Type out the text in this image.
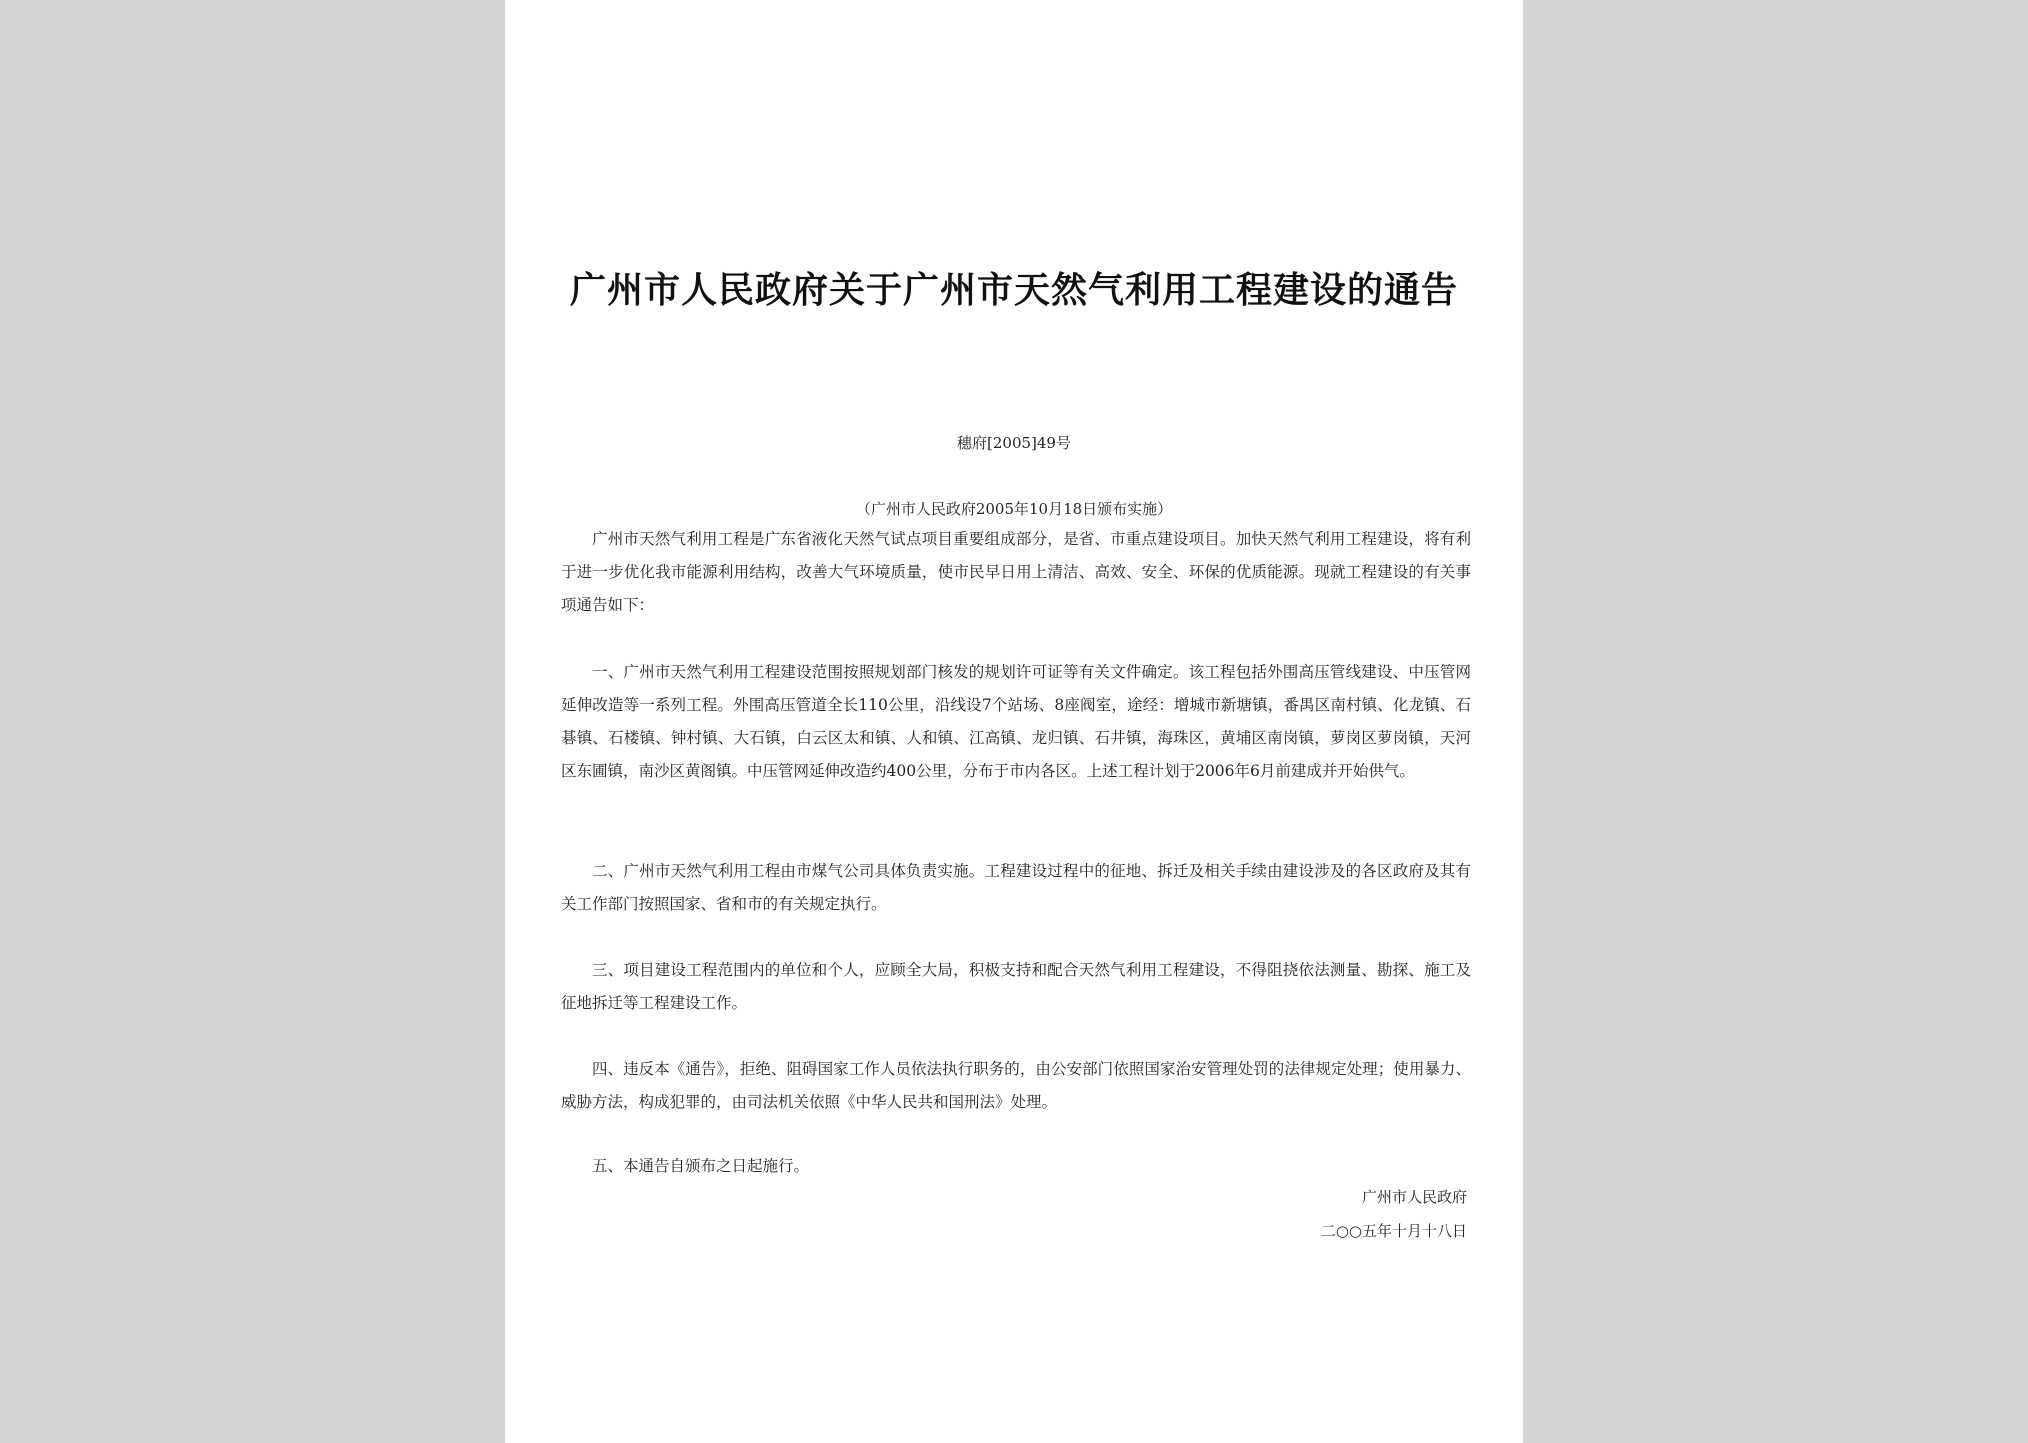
广州市人民政府关于广州市天然气利用工程建设的通告
穗府[2005]49号
（广州市人民政府2005年10月18日颁布实施）

广州市天然气利用工程是广东省液化天然气试点项目重要组成部分，是省、市重点建设项目。加快天然气利用工程建设，将有利于进一步优化我市能源利用结构，改善大气环境质量，使市民早日用上清洁、高效、安全、环保的优质能源。现就工程建设的有关事项通告如下：

一、广州市天然气利用工程建设范围按照规划部门核发的规划许可证等有关文件确定。该工程包括外围高压管线建设、中压管网延伸改造等一系列工程。外围高压管道全长110公里，沿线设7个站场、8座阀室，途经：增城市新塘镇，番禺区南村镇、化龙镇、石碁镇、石楼镇、钟村镇、大石镇，白云区太和镇、人和镇、江高镇、龙归镇、石井镇，海珠区，黄埔区南岗镇，萝岗区萝岗镇，天河区东圃镇，南沙区黄阁镇。中压管网延伸改造约400公里，分布于市内各区。上述工程计划于2006年6月前建成并开始供气。

二、广州市天然气利用工程由市煤气公司具体负责实施。工程建设过程中的征地、拆迁及相关手续由建设涉及的各区政府及其有关工作部门按照国家、省和市的有关规定执行。

三、项目建设工程范围内的单位和个人，应顾全大局，积极支持和配合天然气利用工程建设，不得阻挠依法测量、勘探、施工及征地拆迁等工程建设工作。

四、违反本《通告》，拒绝、阻碍国家工作人员依法执行职务的，由公安部门依照国家治安管理处罚的法律规定处理；使用暴力、威胁方法，构成犯罪的，由司法机关依照《中华人民共和国刑法》处理。

五、本通告自颁布之日起施行。

广州市人民政府
二○○五年十月十八日
